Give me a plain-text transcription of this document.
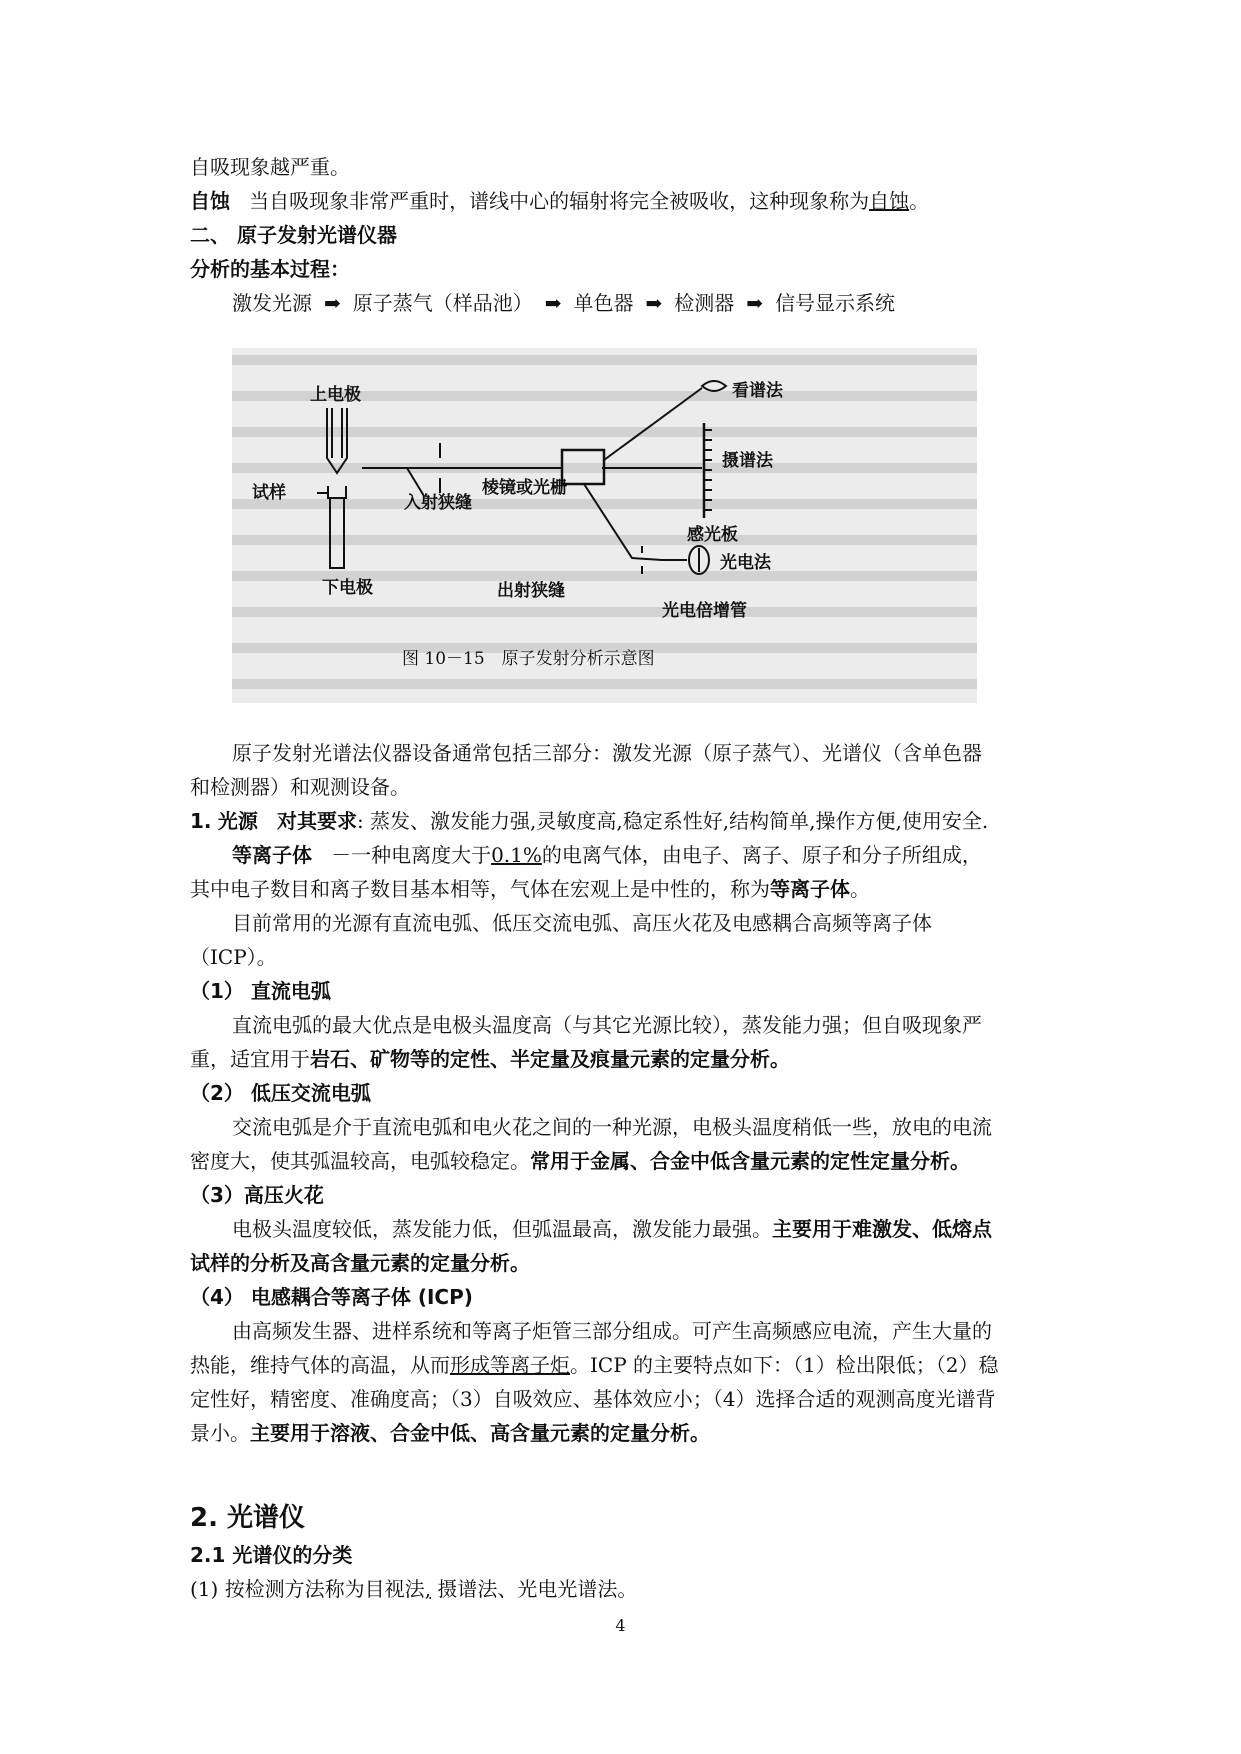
自吸现象越严重。
自蚀 当自吸现象非常严重时，谱线中心的辐射将完全被吸收，这种现象称为自蚀。
二、 原子发射光谱仪器
分析的基本过程：
激发光源 ➡ 原子蒸气（样品池） ➡ 单色器 ➡ 检测器 ➡ 信号显示系统
上电极
试样
下电极
入射狭缝
棱镜或光栅
出射狭缝
看谱法
摄谱法
感光板
光电法
光电倍增管
图 10－15　原子发射分析示意图
原子发射光谱法仪器设备通常包括三部分：激发光源（原子蒸气）、光谱仪（含单色器
和检测器）和观测设备。
1. 光源 对其要求: 蒸发、激发能力强,灵敏度高,稳定系性好,结构简单,操作方便,使用安全.
等离子体 －一种电离度大于0.1%的电离气体，由电子、离子、原子和分子所组成，
其中电子数目和离子数目基本相等，气体在宏观上是中性的，称为等离子体。
目前常用的光源有直流电弧、低压交流电弧、高压火花及电感耦合高频等离子体
（ICP）。
（1） 直流电弧
直流电弧的最大优点是电极头温度高（与其它光源比较），蒸发能力强；但自吸现象严
重，适宜用于岩石、矿物等的定性、半定量及痕量元素的定量分析。
（2） 低压交流电弧
交流电弧是介于直流电弧和电火花之间的一种光源，电极头温度稍低一些，放电的电流
密度大，使其弧温较高，电弧较稳定。常用于金属、合金中低含量元素的定性定量分析。
（3）高压火花
电极头温度较低，蒸发能力低，但弧温最高，激发能力最强。主要用于难激发、低熔点
试样的分析及高含量元素的定量分析。
（4） 电感耦合等离子体 (ICP)
由高频发生器、进样系统和等离子炬管三部分组成。可产生高频感应电流，产生大量的
热能，维持气体的高温，从而形成等离子炬。ICP 的主要特点如下：（1）检出限低；（2）稳
定性好，精密度、准确度高；（3）自吸效应、基体效应小；（4）选择合适的观测高度光谱背
景小。主要用于溶液、合金中低、高含量元素的定量分析。
2. 光谱仪
2.1 光谱仪的分类
(1) 按检测方法称为目视法, 摄谱法、光电光谱法。
4
